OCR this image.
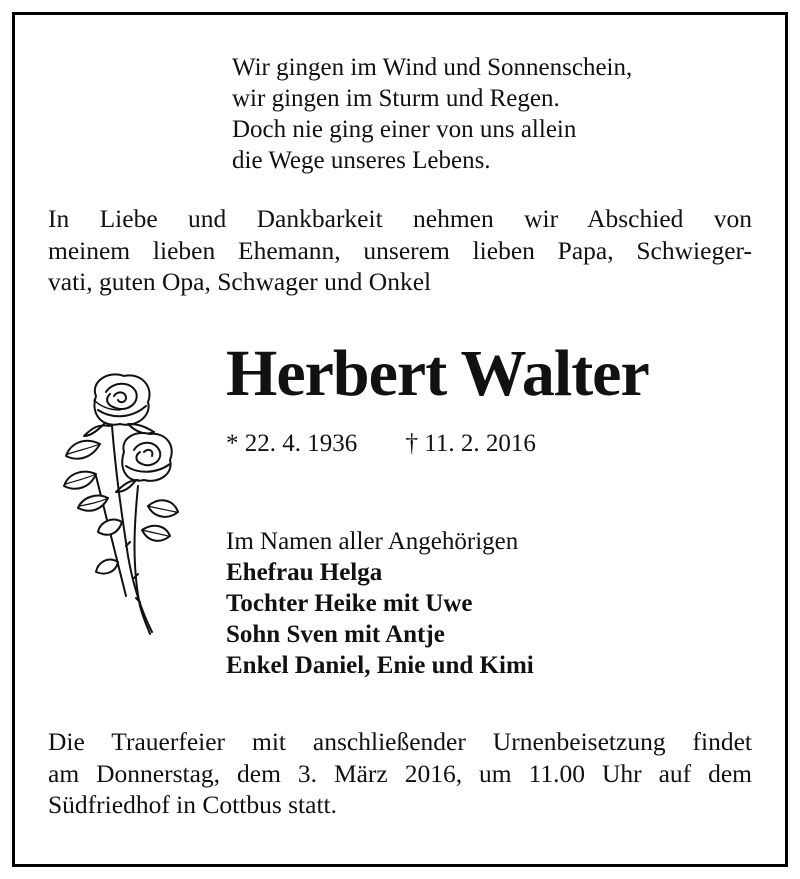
Wir gingen im Wind und Sonnenschein,
wir gingen im Sturm und Regen.
Doch nie ging einer von uns allein
die Wege unseres Lebens.
In Liebe und Dankbarkeit nehmen wir Abschied von
meinem lieben Ehemann, unserem lieben Papa, Schwieger-
vati, guten Opa, Schwager und Onkel
Herbert Walter
* 22. 4. 1936 † 11. 2. 2016
Im Namen aller Angehörigen
Ehefrau Helga
Tochter Heike mit Uwe
Sohn Sven mit Antje
Enkel Daniel, Enie und Kimi
Die Trauerfeier mit anschließender Urnenbeisetzung findet
am Donnerstag, dem 3. März 2016, um 11.00 Uhr auf dem
Südfriedhof in Cottbus statt.
